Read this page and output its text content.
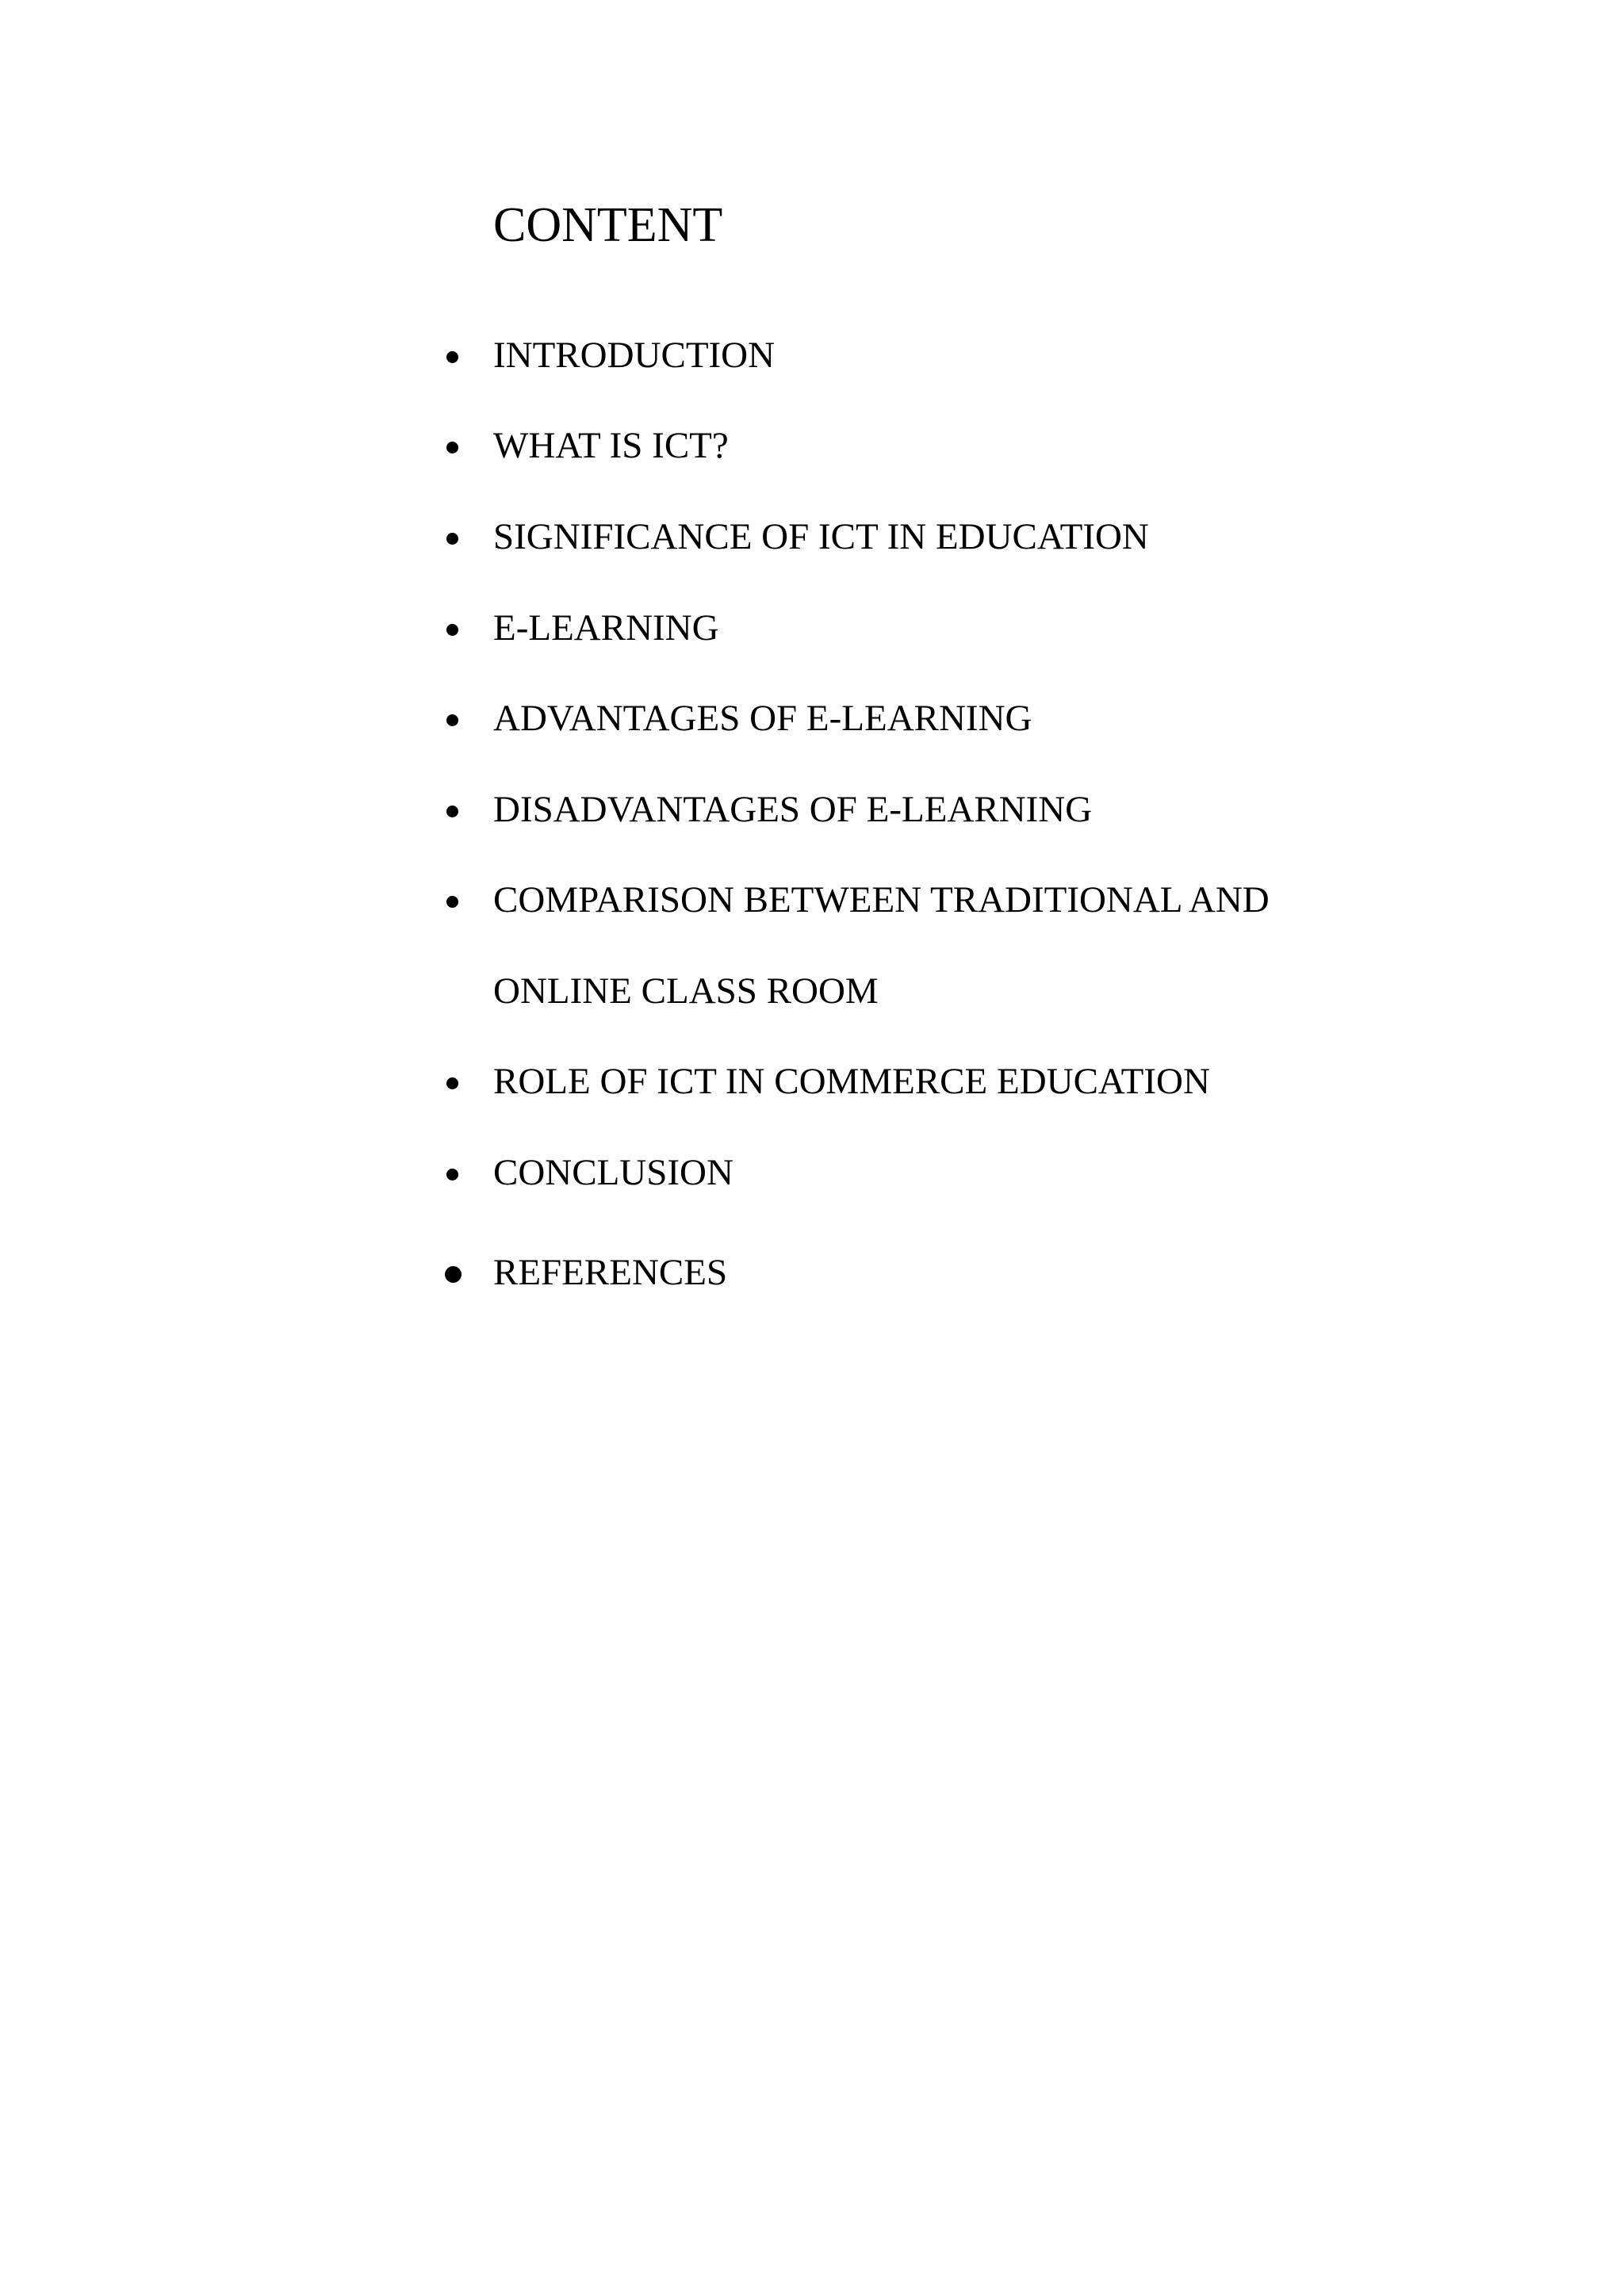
CONTENT
INTRODUCTION
WHAT IS ICT?
SIGNIFICANCE OF ICT IN EDUCATION
E-LEARNING
ADVANTAGES OF E-LEARNING
DISADVANTAGES OF E-LEARNING
COMPARISON BETWEEN TRADITIONAL AND ONLINE CLASS ROOM
ROLE OF ICT IN COMMERCE EDUCATION
CONCLUSION
REFERENCES
